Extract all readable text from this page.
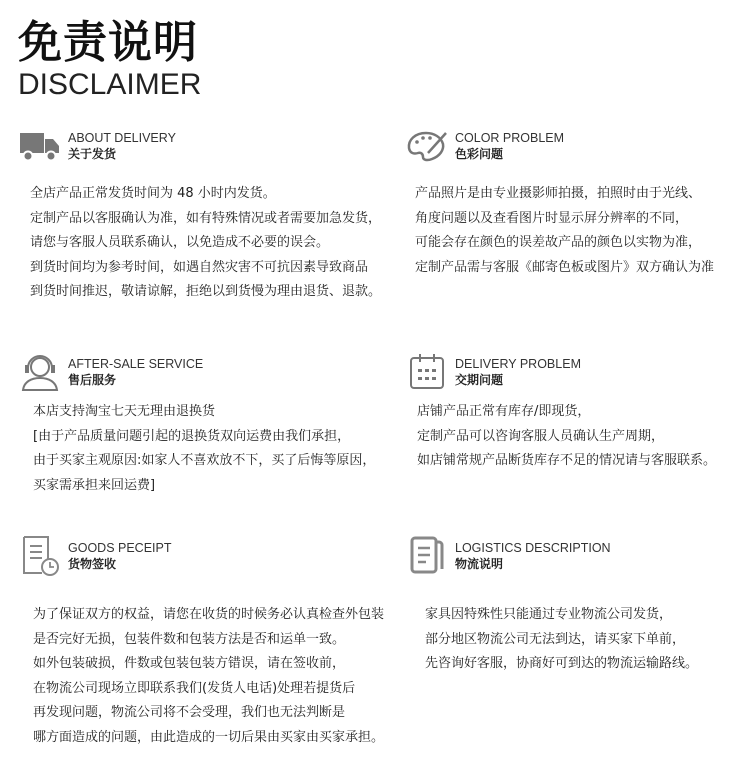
免责说明
DISCLAIMER
ABOUT DELIVERY
关于发货
全店产品正常发货时间为 48 小时内发货。
定制产品以客服确认为准，如有特殊情况或者需要加急发货，
请您与客服人员联系确认，以免造成不必要的误会。
到货时间均为参考时间，如遇自然灾害不可抗因素导致商品
到货时间推迟，敬请谅解，拒绝以到货慢为理由退货、退款。
COLOR PROBLEM
色彩问题
产品照片是由专业摄影师拍摄，拍照时由于光线、
角度问题以及查看图片时显示屏分辨率的不同，
可能会存在颜色的误差故产品的颜色以实物为准，
定制产品需与客服《邮寄色板或图片》双方确认为准
AFTER-SALE SERVICE
售后服务
本店支持淘宝七天无理由退换货
[由于产品质量问题引起的退换货双向运费由我们承担，
由于买家主观原因:如家人不喜欢放不下，买了后悔等原因，
买家需承担来回运费]
DELIVERY PROBLEM
交期问题
店铺产品正常有库存/即现货，
定制产品可以咨询客服人员确认生产周期，
如店铺常规产品断货库存不足的情况请与客服联系。
GOODS PECEIPT
货物签收
为了保证双方的权益，请您在收货的时候务必认真检查外包装
是否完好无损，包装件数和包装方法是否和运单一致。
如外包装破损，件数或包装包装方错误，请在签收前，
在物流公司现场立即联系我们(发货人电话)处理若提货后
再发现问题，物流公司将不会受理，我们也无法判断是
哪方面造成的问题，由此造成的一切后果由买家由买家承担。
LOGISTICS DESCRIPTION
物流说明
家具因特殊性只能通过专业物流公司发货，
部分地区物流公司无法到达，请买家下单前，
先咨询好客服，协商好可到达的物流运输路线。
